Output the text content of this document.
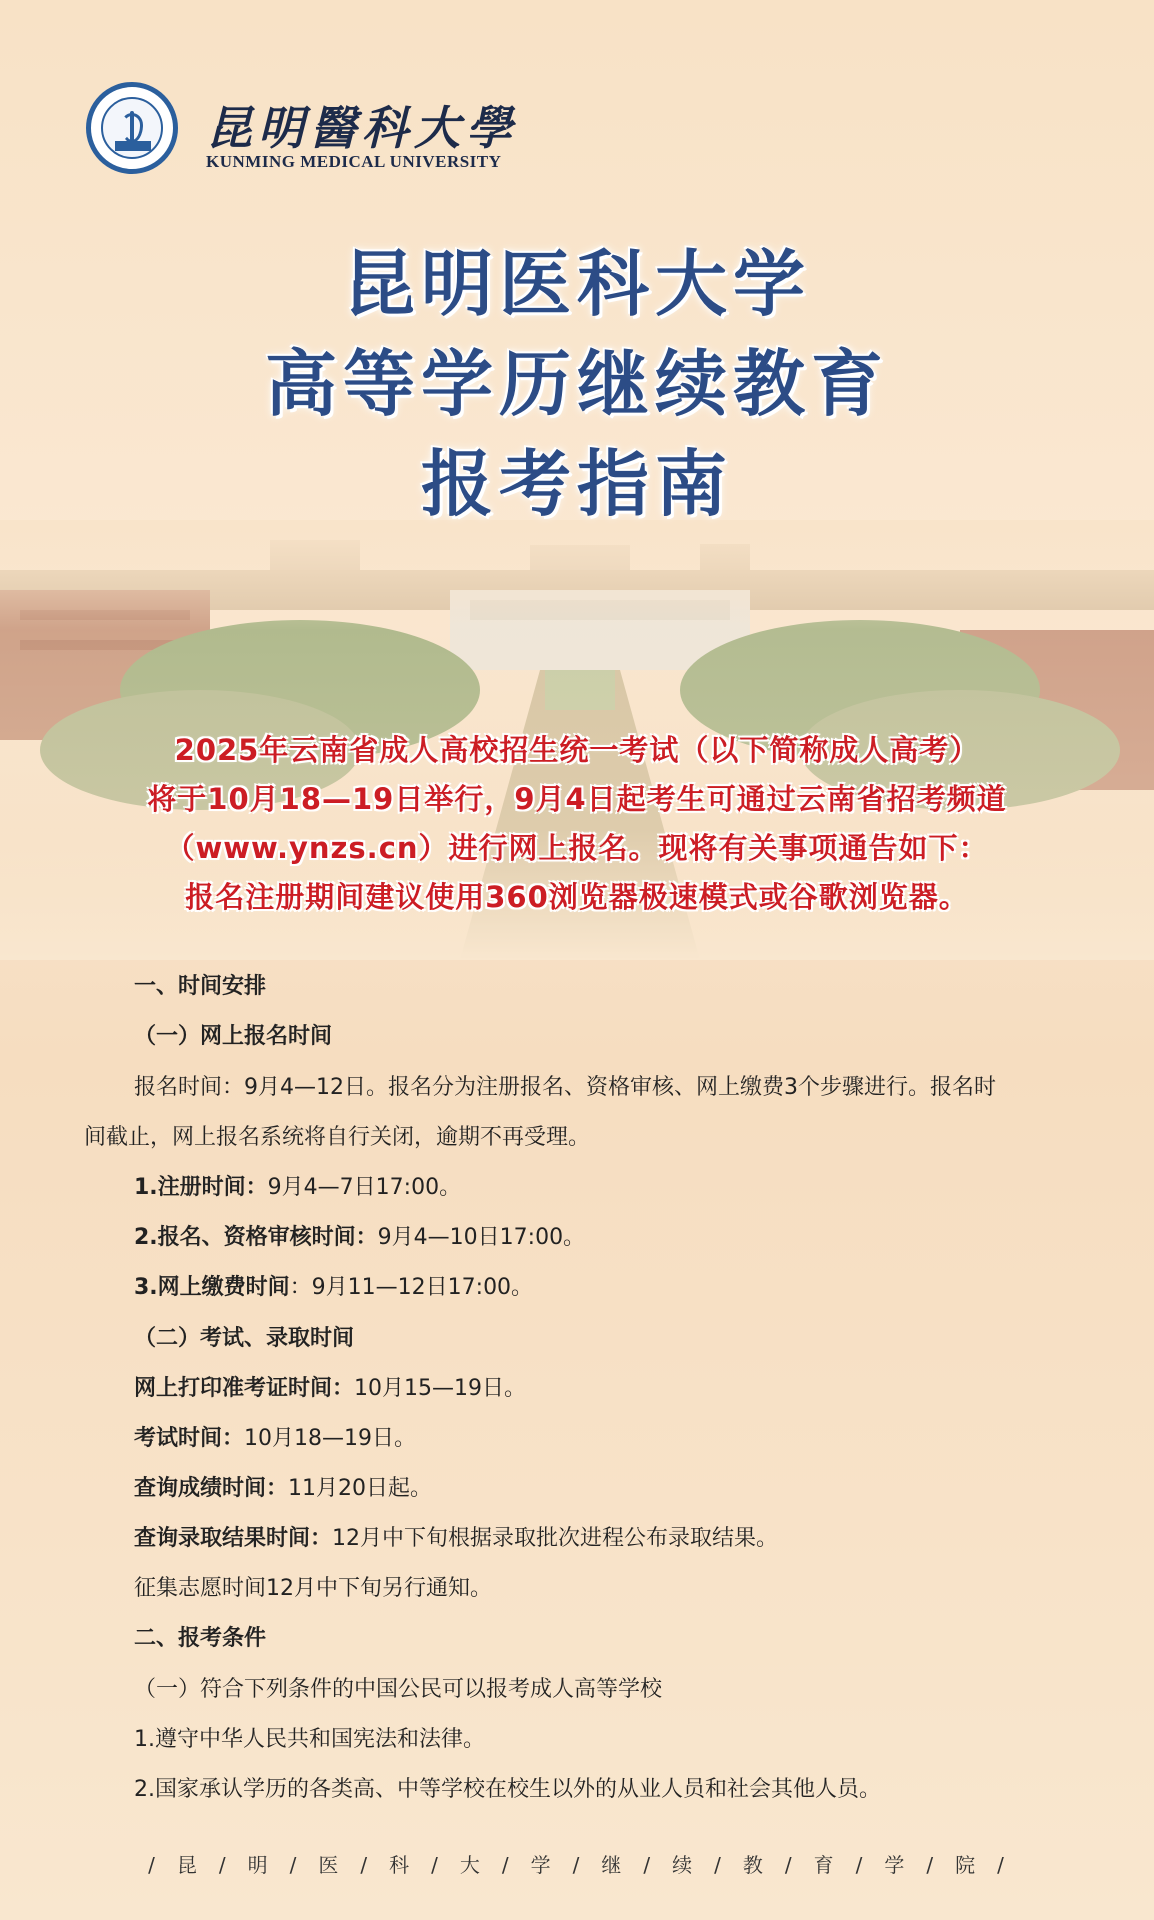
昆明醫科大學
KUNMING MEDICAL UNIVERSITY
昆明医科大学
高等学历继续教育
报考指南
2025年云南省成人高校招生统一考试（以下简称成人高考）
将于10月18—19日举行，9月4日起考生可通过云南省招考频道
（www.ynzs.cn）进行网上报名。现将有关事项通告如下：
报名注册期间建议使用360浏览器极速模式或谷歌浏览器。
一、时间安排
（一）网上报名时间
报名时间：9月4—12日。报名分为注册报名、资格审核、网上缴费3个步骤进行。报名时
间截止，网上报名系统将自行关闭，逾期不再受理。
1.注册时间：9月4—7日17:00。
2.报名、资格审核时间：9月4—10日17:00。
3.网上缴费时间：9月11—12日17:00。
（二）考试、录取时间
网上打印准考证时间：10月15—19日。
考试时间：10月18—19日。
查询成绩时间：11月20日起。
查询录取结果时间：12月中下旬根据录取批次进程公布录取结果。
征集志愿时间12月中下旬另行通知。
二、报考条件
（一）符合下列条件的中国公民可以报考成人高等学校
1.遵守中华人民共和国宪法和法律。
2.国家承认学历的各类高、中等学校在校生以外的从业人员和社会其他人员。
/ 昆 / 明 / 医 / 科 / 大 / 学 / 继 / 续 / 教 / 育 / 学 / 院 /
